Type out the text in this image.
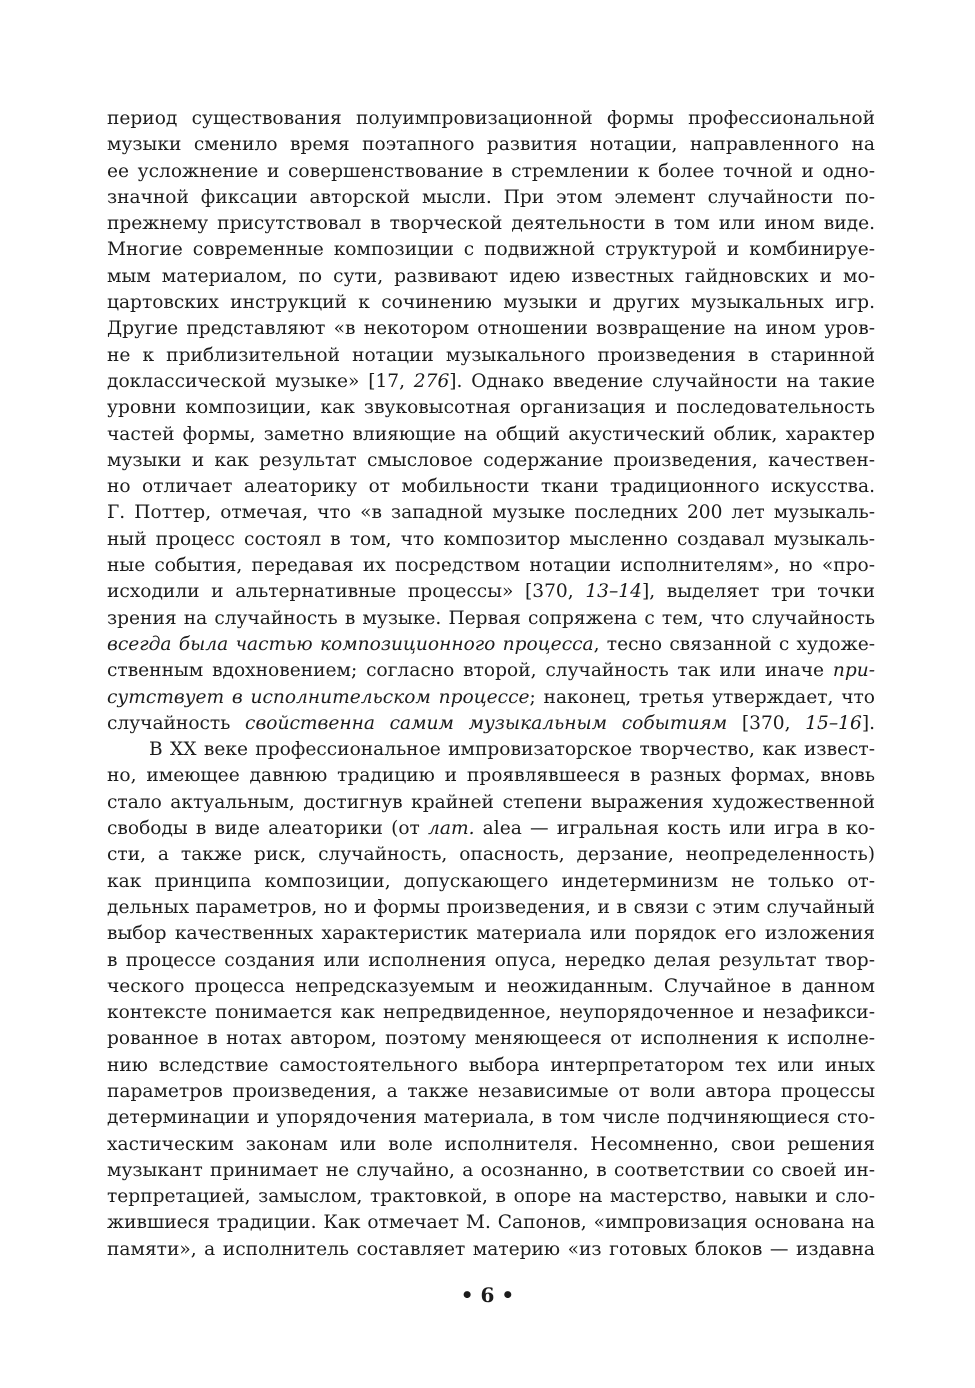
период существования полуимпровизационной формы профессиональной
музыки сменило время поэтапного развития нотации, направленного на
ее усложнение и совершенствование в стремлении к более точной и одно-
значной фиксации авторской мысли. При этом элемент случайности по-
прежнему присутствовал в творческой деятельности в том или ином виде.
Многие современные композиции с подвижной структурой и комбинируе-
мым материалом, по сути, развивают идею известных гайдновских и мо-
цартовских инструкций к сочинению музыки и других музыкальных игр.
Другие представляют «в некотором отношении возвращение на ином уров-
не к приблизительной нотации музыкального произведения в старинной
доклассической музыке» [17, 276]. Однако введение случайности на такие
уровни композиции, как звуковысотная организация и последовательность
частей формы, заметно влияющие на общий акустический облик, характер
музыки и как результат смысловое содержание произведения, качествен-
но отличает алеаторику от мобильности ткани традиционного искусства.
Г. Поттер, отмечая, что «в западной музыке последних 200 лет музыкаль-
ный процесс состоял в том, что композитор мысленно создавал музыкаль-
ные события, передавая их посредством нотации исполнителям», но «про-
исходили и альтернативные процессы» [370, 13–14], выделяет три точки
зрения на случайность в музыке. Первая сопряжена с тем, что случайность
всегда была частью композиционного процесса, тесно связанной с художе-
ственным вдохновением; согласно второй, случайность так или иначе при-
сутствует в исполнительском процессе; наконец, третья утверждает, что
случайность свойственна самим музыкальным событиям [370, 15–16].

В XX веке профессиональное импровизаторское творчество, как извест-
но, имеющее давнюю традицию и проявлявшееся в разных формах, вновь
стало актуальным, достигнув крайней степени выражения художественной
свободы в виде алеаторики (от лат. alea — игральная кость или игра в ко-
сти, а также риск, случайность, опасность, дерзание, неопределенность)
как принципа композиции, допускающего индетерминизм не только от-
дельных параметров, но и формы произведения, и в связи с этим случайный
выбор качественных характеристик материала или порядок его изложения
в процессе создания или исполнения опуса, нередко делая результат твор-
ческого процесса непредсказуемым и неожиданным. Случайное в данном
контексте понимается как непредвиденное, неупорядоченное и незафикси-
рованное в нотах автором, поэтому меняющееся от исполнения к исполне-
нию вследствие самостоятельного выбора интерпретатором тех или иных
параметров произведения, а также независимые от воли автора процессы
детерминации и упорядочения материала, в том числе подчиняющиеся сто-
хастическим законам или воле исполнителя. Несомненно, свои решения
музыкант принимает не случайно, а осознанно, в соответствии со своей ин-
терпретацией, замыслом, трактовкой, в опоре на мастерство, навыки и сло-
жившиеся традиции. Как отмечает М. Сапонов, «импровизация основана на
памяти», а исполнитель составляет материю «из готовых блоков — издавна

• 6 •
